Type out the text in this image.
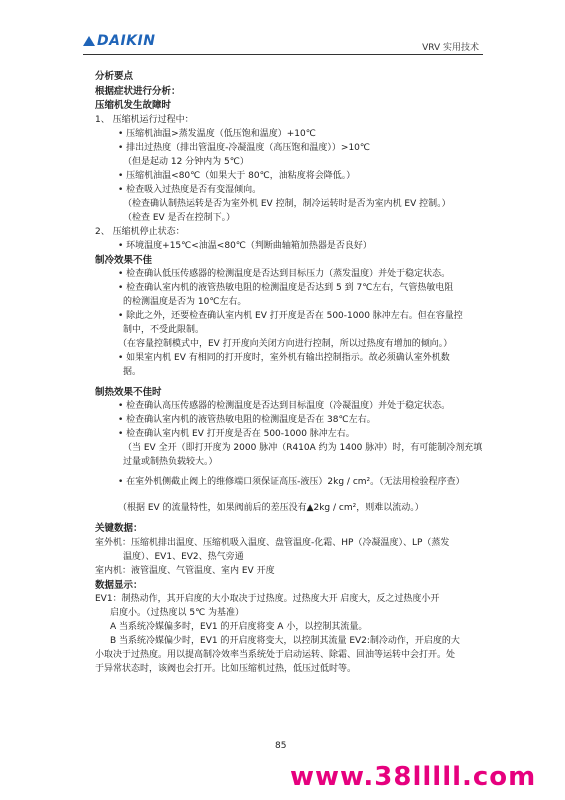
DAIKIN	VRV 实用技术
分析要点
根据症状进行分析：
压缩机发生故障时
1、 压缩机运行过程中：
• 压缩机油温>蒸发温度（低压饱和温度）+10℃
• 排出过热度（排出管温度-冷凝温度（高压饱和温度））>10℃
（但是起动 12 分钟内为 5℃）
• 压缩机油温<80℃（如果大于 80℃，油粘度将会降低。）
• 检查吸入过热度是否有变湿倾向。
（检查确认制热运转是否为室外机 EV 控制，制冷运转时是否为室内机 EV 控制。）
（检查 EV 是否在控制下。）
2、 压缩机停止状态：
• 环境温度+15℃<油温<80℃（判断曲轴箱加热器是否良好）
制冷效果不佳
• 检查确认低压传感器的检测温度是否达到目标压力（蒸发温度）并处于稳定状态。
• 检查确认室内机的液管热敏电阻的检测温度是否达到 5 到 7℃左右，气管热敏电阻
的检测温度是否为 10℃左右。
• 除此之外，还要检查确认室内机 EV 打开度是否在 500-1000 脉冲左右。但在容量控
制中，不受此限制。
（在容量控制模式中，EV 打开度向关闭方向进行控制，所以过热度有增加的倾向。）
• 如果室内机 EV 有相同的打开度时，室外机有输出控制指示。故必须确认室外机数
据。
制热效果不佳时
• 检查确认高压传感器的检测温度是否达到目标温度（冷凝温度）并处于稳定状态。
• 检查确认室内机的液管热敏电阻的检测温度是否在 38℃左右。
• 检查确认室内机 EV 打开度是否在 500-1000 脉冲左右。
（当 EV 全开（即打开度为 2000 脉冲（R410A 约为 1400 脉冲）时，有可能制冷剂充填
过量或制热负载较大。）
• 在室外机侧截止阀上的维修端口须保证高压-液压）2kg / cm²。（无法用检验程序查）
（根据 EV 的流量特性，如果阀前后的差压没有▲2kg / cm²，则难以流动。）
关键数据：
室外机：压缩机排出温度、压缩机吸入温度、盘管温度-化霜、HP（冷凝温度）、LP（蒸发
温度）、EV1、EV2、热气旁通
室内机：液管温度、气管温度、室内 EV 开度
数据显示：
EV1：制热动作，其开启度的大小取决于过热度。过热度大开 启度大，反之过热度小开
启度小。（过热度以 5℃ 为基准）
A 当系统冷媒偏多时，EV1 的开启度将变 A 小，以控制其流量。
B 当系统冷媒偏少时，EV1 的开启度将变大，以控制其流量 EV2:制冷动作，开启度的大
小取决于过热度。用以提高制冷效率当系统处于启动运转、除霜、回油等运转中会打开。处
于异常状态时，该阀也会打开。比如压缩机过热，低压过低时等。
85
www.38lllll.com
